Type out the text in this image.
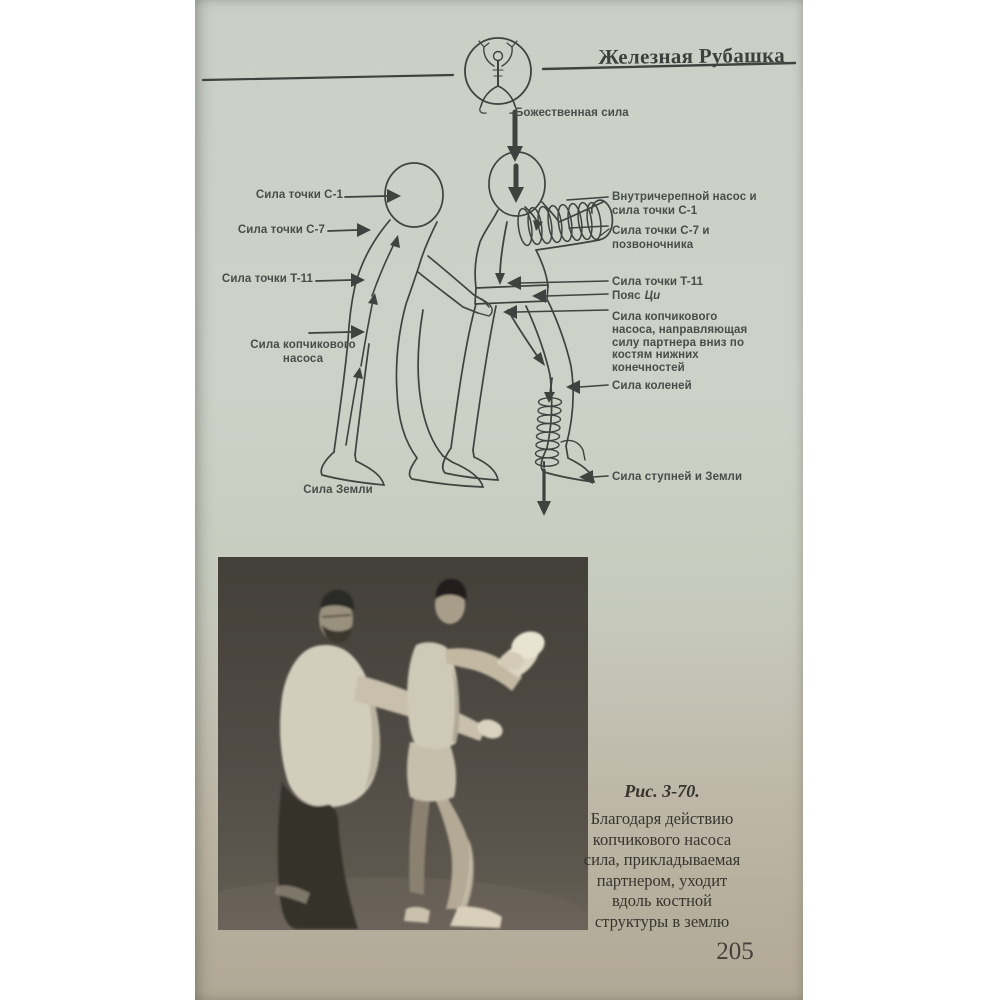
Железная Рубашка
Божественная сила
Сила точки C-1
Сила точки C-7
Сила точки T-11
Сила копчикового
насоса
Сила Земли
Внутричерепной насос и
сила точки C-1
Сила точки C-7 и
позвоночника
Сила точки T-11
Пояс Ци
Сила копчикового
насоса, направляющая
силу партнера вниз по
костям нижних
конечностей
Сила коленей
Сила ступней и Земли
Рис. 3-70.
Благодаря действию
копчикового насоса
сила, прикладываемая
партнером, уходит
вдоль костной
структуры в землю
205
